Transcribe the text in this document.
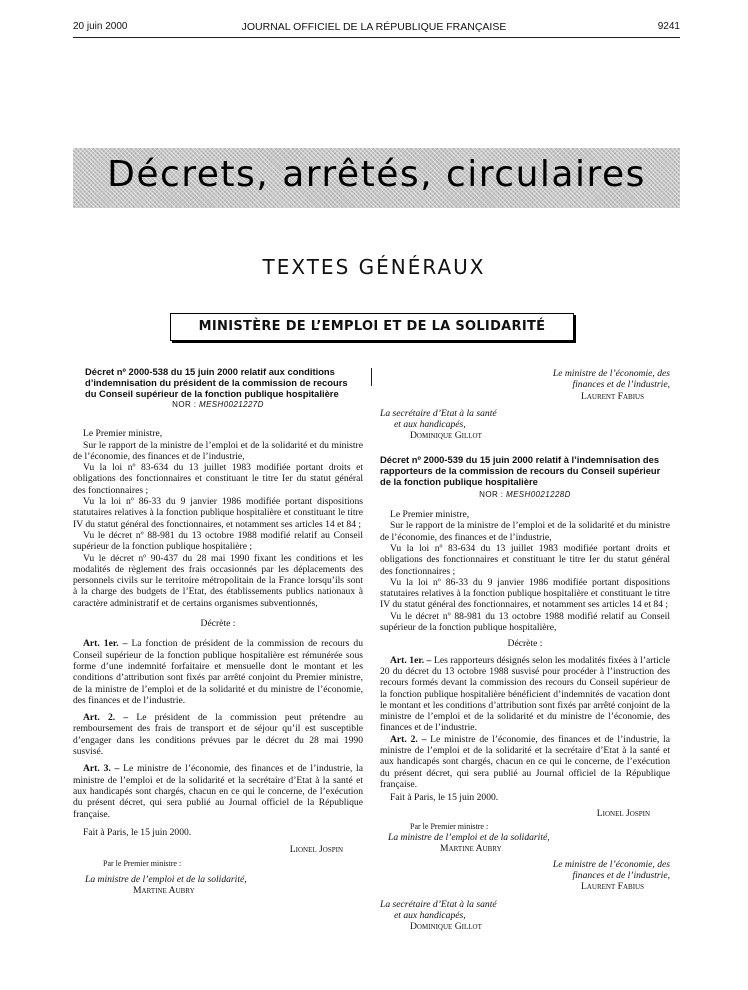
20 juin 2000	JOURNAL OFFICIEL DE LA RÉPUBLIQUE FRANÇAISE	9241
Décrets, arrêtés, circulaires
TEXTES GÉNÉRAUX
MINISTÈRE DE L’EMPLOI ET DE LA SOLIDARITÉ

Décret nº 2000-538 du 15 juin 2000 relatif aux conditions d’indemnisation du président de la commission de recours du Conseil supérieur de la fonction publique hospitalière

NOR : MESH0021227D

Le Premier ministre,

Sur le rapport de la ministre de l’emploi et de la solidarité et du ministre de l’économie, des finances et de l’industrie,

Vu la loi nº 83-634 du 13 juillet 1983 modifiée portant droits et obligations des fonctionnaires et constituant le titre Ier du statut général des fonctionnaires ;

Vu la loi nº 86-33 du 9 janvier 1986 modifiée portant dispositions statutaires relatives à la fonction publique hospitalière et constituant le titre IV du statut général des fonctionnaires, et notamment ses articles 14 et 84 ;

Vu le décret nº 88-981 du 13 octobre 1988 modifié relatif au Conseil supérieur de la fonction publique hospitalière ;

Vu le décret nº 90-437 du 28 mai 1990 fixant les conditions et les modalités de règlement des frais occasionnés par les déplacements des personnels civils sur le territoire métropolitain de la France lorsqu’ils sont à la charge des budgets de l’Etat, des établissements publics nationaux à caractère administratif et de certains organismes subventionnés,

Décrète :

Art. 1er. – La fonction de président de la commission de recours du Conseil supérieur de la fonction publique hospitalière est rémunérée sous forme d’une indemnité forfaitaire et mensuelle dont le montant et les conditions d’attribution sont fixés par arrêté conjoint du Premier ministre, de la ministre de l’emploi et de la solidarité et du ministre de l’économie, des finances et de l’industrie.

Art. 2. – Le président de la commission peut prétendre au remboursement des frais de transport et de séjour qu’il est susceptible d’engager dans les conditions prévues par le décret du 28 mai 1990 susvisé.

Art. 3. – Le ministre de l’économie, des finances et de l’industrie, la ministre de l’emploi et de la solidarité et la secrétaire d’Etat à la santé et aux handicapés sont chargés, chacun en ce qui le concerne, de l’exécution du présent décret, qui sera publié au Journal officiel de la République française.

Fait à Paris, le 15 juin 2000.

Lionel Jospin

Par le Premier ministre :

La ministre de l’emploi et de la solidarité,

Martine Aubry

Le ministre de l’économie, des finances et de l’industrie,

Laurent Fabius

La secrétaire d’Etat à la santé

et aux handicapés,

Dominique Gillot

Décret nº 2000-539 du 15 juin 2000 relatif à l’indemnisation des rapporteurs de la commission de recours du Conseil supérieur de la fonction publique hospitalière

NOR : MESH0021228D

Le Premier ministre,

Sur le rapport de la ministre de l’emploi et de la solidarité et du ministre de l’économie, des finances et de l’industrie,

Vu la loi nº 83-634 du 13 juillet 1983 modifiée portant droits et obligations des fonctionnaires et constituant le titre Ier du statut général des fonctionnaires ;

Vu la loi nº 86-33 du 9 janvier 1986 modifiée portant dispositions statutaires relatives à la fonction publique hospitalière et constituant le titre IV du statut général des fonctionnaires, et notamment ses articles 14 et 84 ;

Vu le décret nº 88-981 du 13 octobre 1988 modifié relatif au Conseil supérieur de la fonction publique hospitalière,

Décrète :

Art. 1er. – Les rapporteurs désignés selon les modalités fixées à l’article 20 du décret du 13 octobre 1988 susvisé pour procéder à l’instruction des recours formés devant la commission des recours du Conseil supérieur de la fonction publique hospitalière bénéficient d’indemnités de vacation dont le montant et les conditions d’attribution sont fixés par arrêté conjoint de la ministre de l’emploi et de la solidarité et du ministre de l’économie, des finances et de l’industrie.

Art. 2. – Le ministre de l’économie, des finances et de l’industrie, la ministre de l’emploi et de la solidarité et la secrétaire d’Etat à la santé et aux handicapés sont chargés, chacun en ce qui le concerne, de l’exécution du présent décret, qui sera publié au Journal officiel de la République française.

Fait à Paris, le 15 juin 2000.

Lionel Jospin

Par le Premier ministre :

La ministre de l’emploi et de la solidarité,

Martine Aubry

Le ministre de l’économie, des finances et de l’industrie,

Laurent Fabius

La secrétaire d’Etat à la santé

et aux handicapés,

Dominique Gillot
